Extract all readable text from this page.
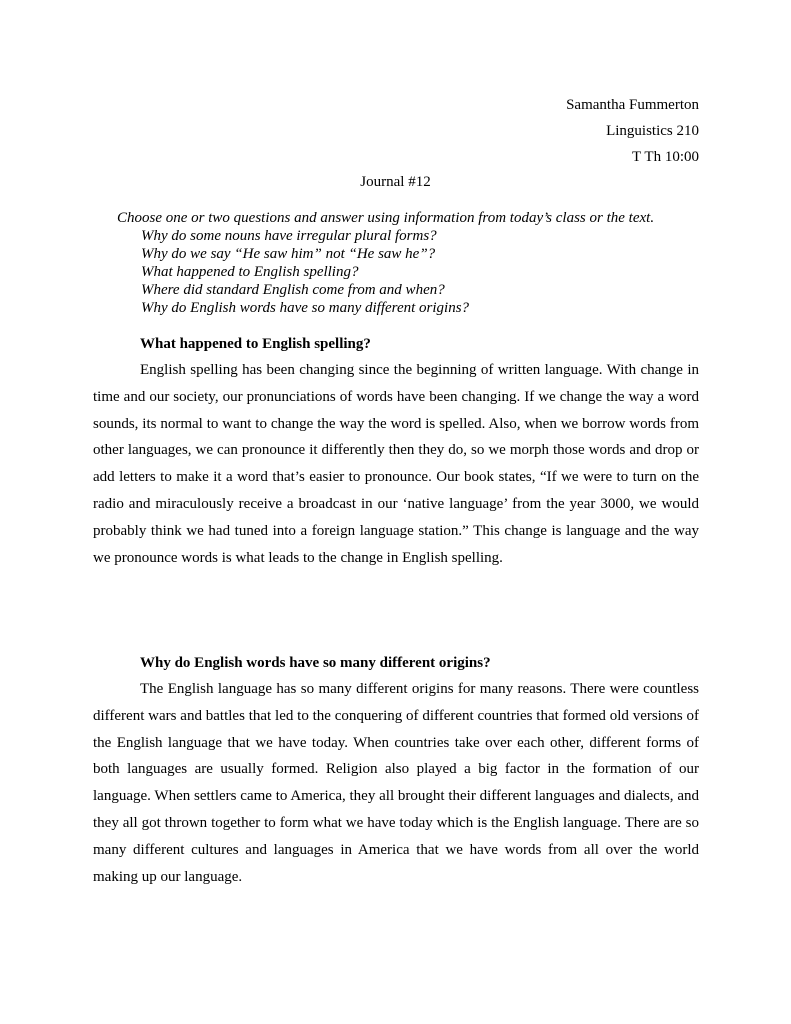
Samantha Fummerton
Linguistics 210
T Th 10:00
Journal #12
Choose one or two questions and answer using information from today’s class or the text.
Why do some nouns have irregular plural forms?
Why do we say “He saw him” not “He saw he”?
What happened to English spelling?
Where did standard English come from and when?
Why do English words have so many different origins?
What happened to English spelling?

English spelling has been changing since the beginning of written language. With change in time and our society, our pronunciations of words have been changing. If we change the way a word sounds, its normal to want to change the way the word is spelled. Also, when we borrow words from other languages, we can pronounce it differently then they do, so we morph those words and drop or add letters to make it a word that’s easier to pronounce. Our book states, “If we were to turn on the radio and miraculously receive a broadcast in our ‘native language’ from the year 3000, we would probably think we had tuned into a foreign language station.” This change is language and the way we pronounce words is what leads to the change in English spelling.

Why do English words have so many different origins?

The English language has so many different origins for many reasons. There were countless different wars and battles that led to the conquering of different countries that formed old versions of the English language that we have today. When countries take over each other, different forms of both languages are usually formed. Religion also played a big factor in the formation of our language. When settlers came to America, they all brought their different languages and dialects, and they all got thrown together to form what we have today which is the English language. There are so many different cultures and languages in America that we have words from all over the world making up our language.
